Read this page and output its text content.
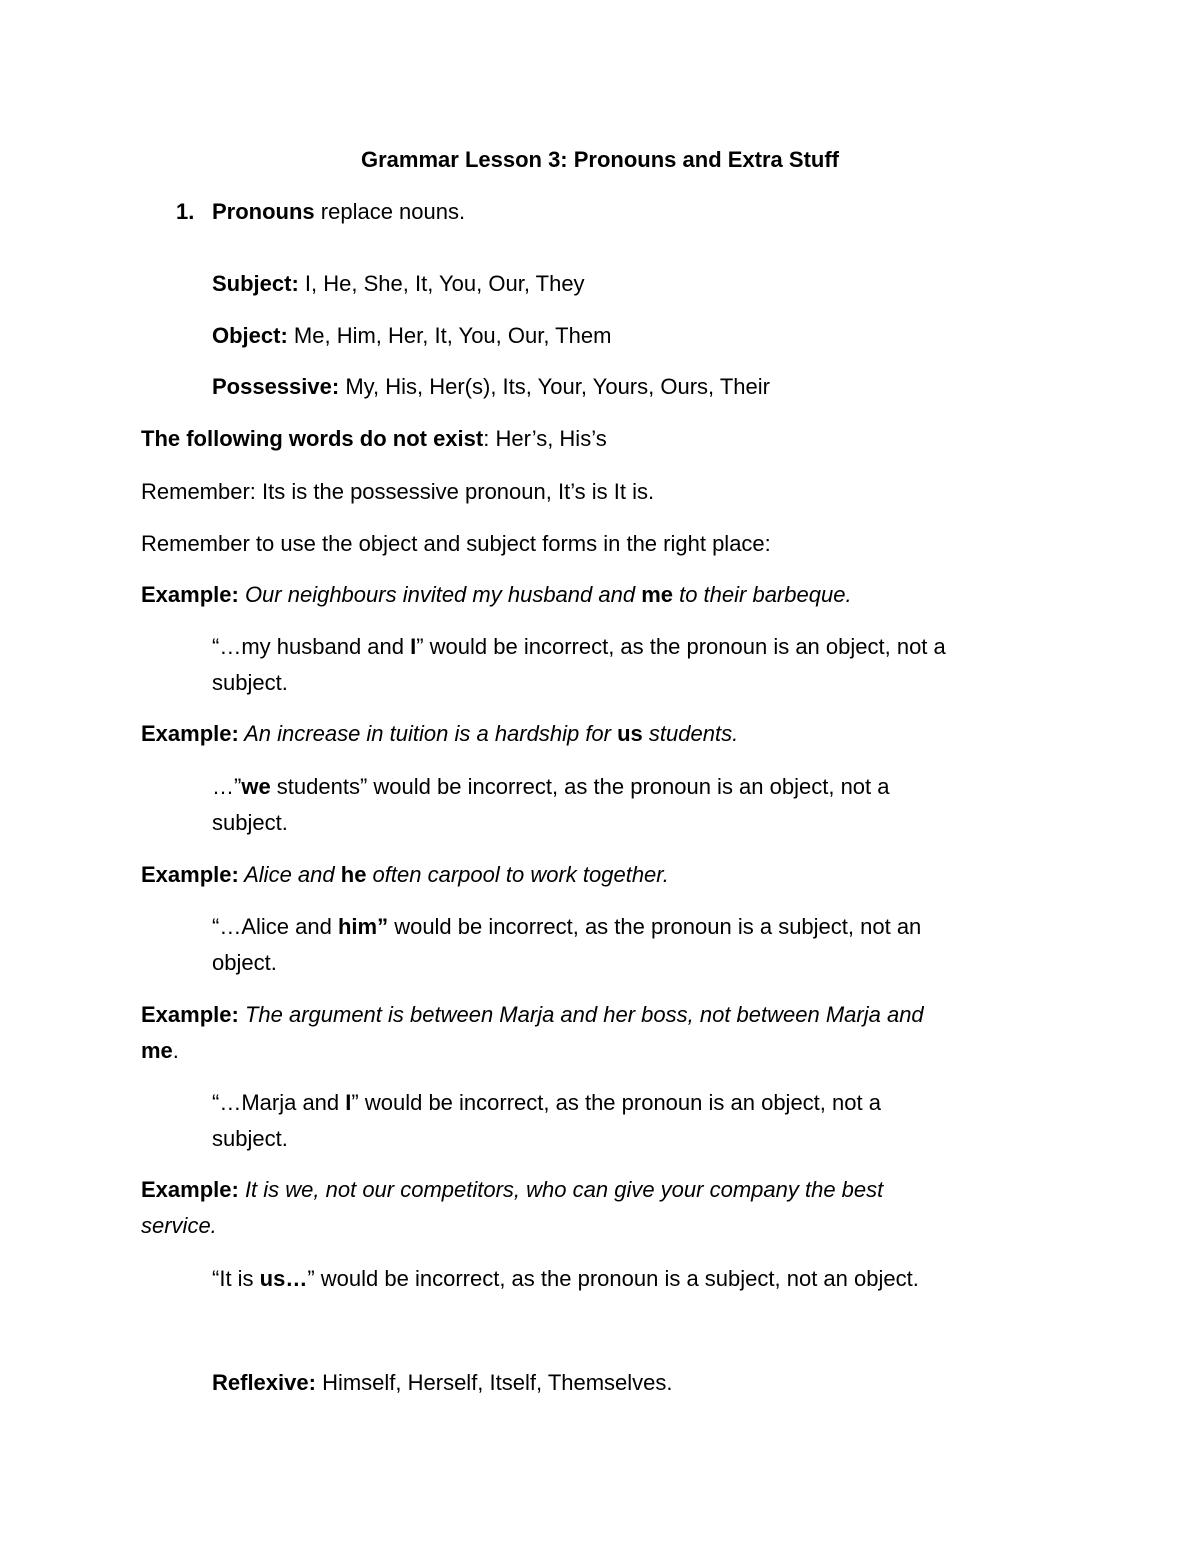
Grammar Lesson 3: Pronouns and Extra Stuff
1. Pronouns replace nouns.
Subject: I, He, She, It, You, Our, They
Object: Me, Him, Her, It, You, Our, Them
Possessive: My, His, Her(s), Its, Your, Yours, Ours, Their
The following words do not exist: Her’s, His’s
Remember: Its is the possessive pronoun, It’s is It is.
Remember to use the object and subject forms in the right place:
Example: Our neighbours invited my husband and me to their barbeque.
“…my husband and I” would be incorrect, as the pronoun is an object, not a
subject.
Example: An increase in tuition is a hardship for us students.
…”we students” would be incorrect, as the pronoun is an object, not a
subject.
Example: Alice and he often carpool to work together.
“…Alice and him” would be incorrect, as the pronoun is a subject, not an
object.
Example: The argument is between Marja and her boss, not between Marja and
me.
“…Marja and I” would be incorrect, as the pronoun is an object, not a
subject.
Example: It is we, not our competitors, who can give your company the best
service.
“It is us…” would be incorrect, as the pronoun is a subject, not an object.
Reflexive: Himself, Herself, Itself, Themselves.
